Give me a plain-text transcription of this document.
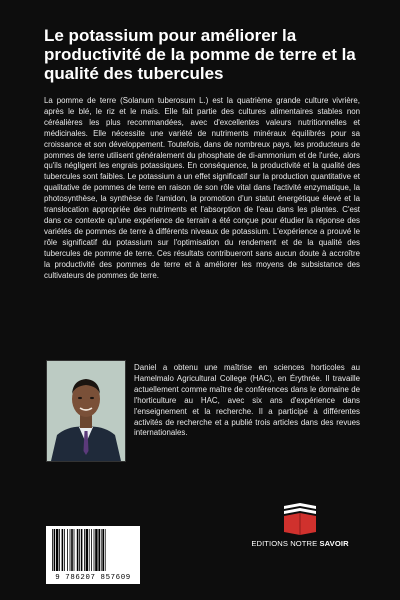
Le potassium pour améliorer la productivité de la pomme de terre et la qualité des tubercules

La pomme de terre (Solanum tuberosum L.) est la quatrième grande culture vivrière, après le blé, le riz et le maïs. Elle fait partie des cultures alimentaires stables non céréalières les plus recommandées, avec d'excellentes valeurs nutritionnelles et médicinales. Elle nécessite une variété de nutriments minéraux équilibrés pour sa croissance et son développement. Toutefois, dans de nombreux pays, les producteurs de pommes de terre utilisent généralement du phosphate de di-ammonium et de l'urée, alors qu'ils négligent les engrais potassiques. En conséquence, la productivité et la qualité des tubercules sont faibles. Le potassium a un effet significatif sur la production quantitative et qualitative de pommes de terre en raison de son rôle vital dans l'activité enzymatique, la photosynthèse, la synthèse de l'amidon, la promotion d'un statut énergétique élevé et la translocation appropriée des nutriments et l'absorption de l'eau dans les plantes. C'est dans ce contexte qu'une expérience de terrain a été conçue pour étudier la réponse des variétés de pommes de terre à différents niveaux de potassium. L'expérience a prouvé le rôle significatif du potassium sur l'optimisation du rendement et de la qualité des tubercules de pomme de terre. Ces résultats contribueront sans aucun doute à accroître la productivité des pommes de terre et à améliorer les moyens de subsistance des cultivateurs de pommes de terre.

Daniel a obtenu une maîtrise en sciences horticoles au Hamelmalo Agricultural College (HAC), en Érythrée. Il travaille actuellement comme maître de conférences dans le domaine de l'horticulture au HAC, avec six ans d'expérience dans l'enseignement et la recherche. Il a participé à différentes activités de recherche et a publié trois articles dans des revues internationales.

EDITIONS NOTRE SAVOIR
9 786207 857609
